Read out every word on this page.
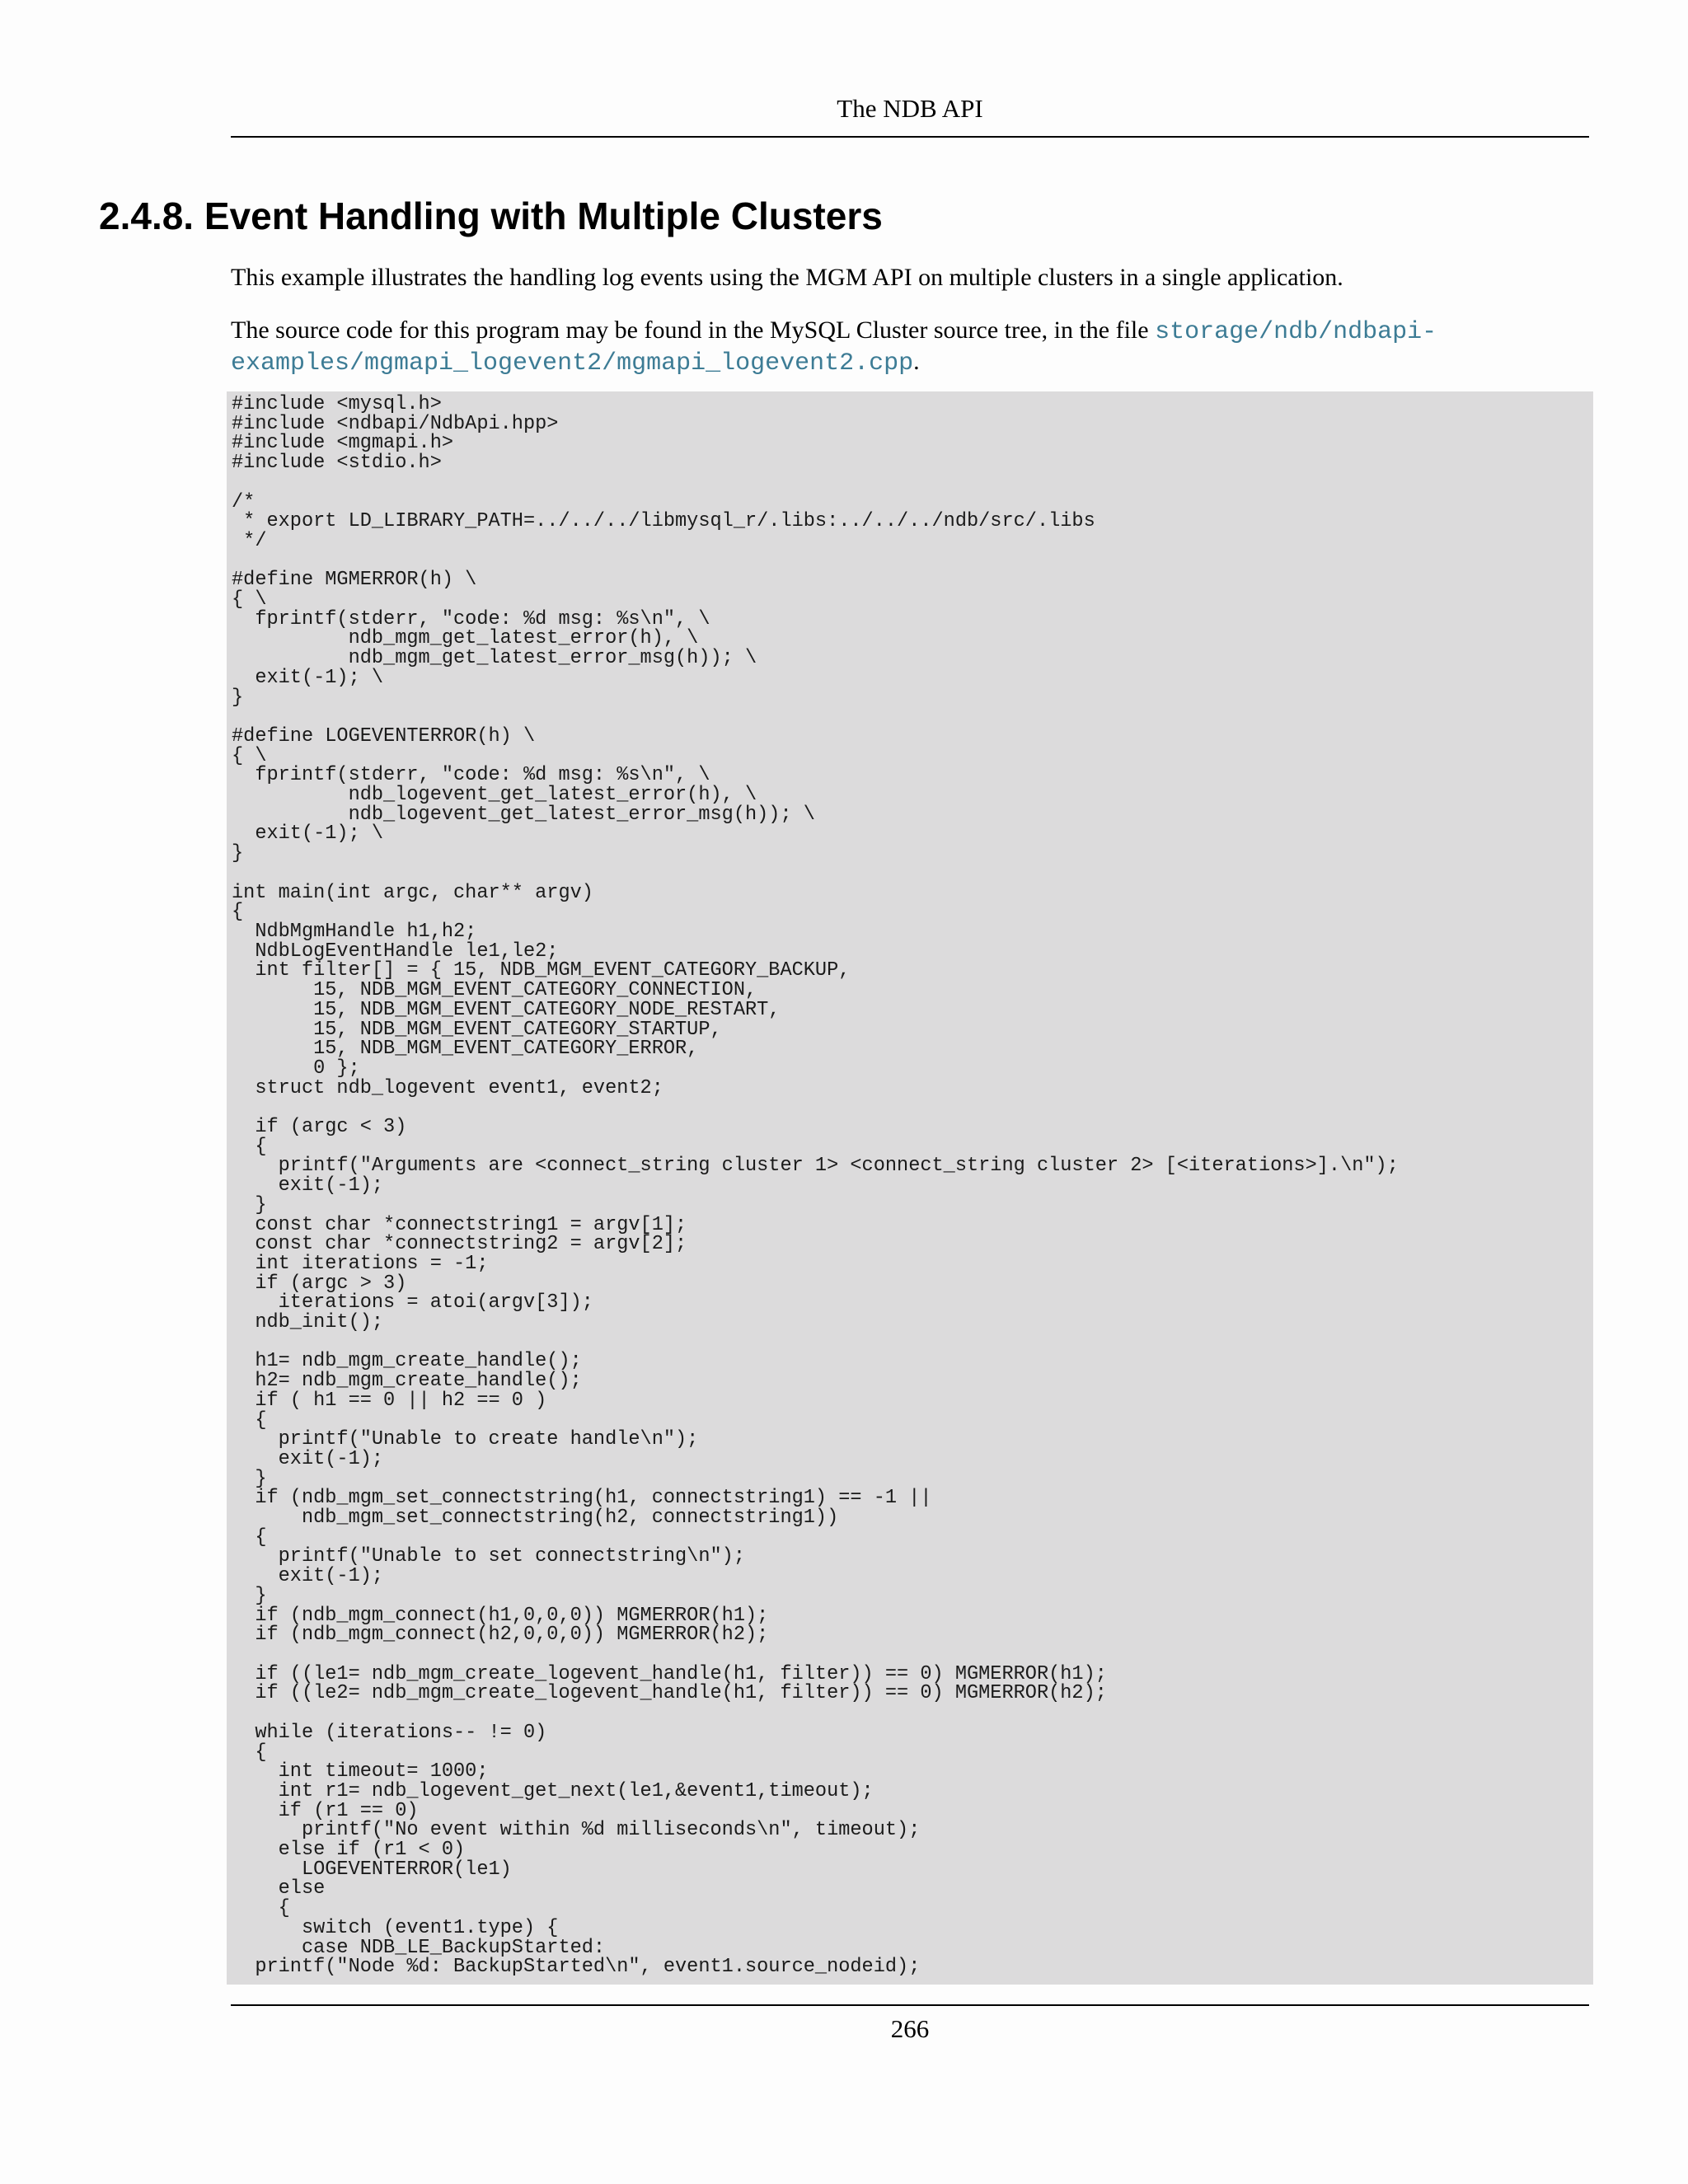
The NDB API
2.4.8. Event Handling with Multiple Clusters

This example illustrates the handling log events using the MGM API on multiple clusters in a single application.

The source code for this program may be found in the MySQL Cluster source tree, in the file storage/ndb/ndbapi-examples/mgmapi_logevent2/mgmapi_logevent2.cpp.

#include <mysql.h>
#include <ndbapi/NdbApi.hpp>
#include <mgmapi.h>
#include <stdio.h>

/*
* export LD_LIBRARY_PATH=../../../libmysql_r/.libs:../../../ndb/src/.libs
*/

#define MGMERROR(h) \
{ \
fprintf(stderr, "code: %d msg: %s\n", \
ndb_mgm_get_latest_error(h), \
ndb_mgm_get_latest_error_msg(h)); \
exit(-1); \
}

#define LOGEVENTERROR(h) \
{ \
fprintf(stderr, "code: %d msg: %s\n", \
ndb_logevent_get_latest_error(h), \
ndb_logevent_get_latest_error_msg(h)); \
exit(-1); \
}

int main(int argc, char** argv)
{
NdbMgmHandle h1,h2;
NdbLogEventHandle le1,le2;
int filter[] = { 15, NDB_MGM_EVENT_CATEGORY_BACKUP,
15, NDB_MGM_EVENT_CATEGORY_CONNECTION,
15, NDB_MGM_EVENT_CATEGORY_NODE_RESTART,
15, NDB_MGM_EVENT_CATEGORY_STARTUP,
15, NDB_MGM_EVENT_CATEGORY_ERROR,
0 };
struct ndb_logevent event1, event2;

if (argc < 3)
{
printf("Arguments are <connect_string cluster 1> <connect_string cluster 2> [<iterations>].\n");
exit(-1);
}
const char *connectstring1 = argv[1];
const char *connectstring2 = argv[2];
int iterations = -1;
if (argc > 3)
iterations = atoi(argv[3]);
ndb_init();

h1= ndb_mgm_create_handle();
h2= ndb_mgm_create_handle();
if ( h1 == 0 || h2 == 0 )
{
printf("Unable to create handle\n");
exit(-1);
}
if (ndb_mgm_set_connectstring(h1, connectstring1) == -1 ||
ndb_mgm_set_connectstring(h2, connectstring1))
{
printf("Unable to set connectstring\n");
exit(-1);
}
if (ndb_mgm_connect(h1,0,0,0)) MGMERROR(h1);
if (ndb_mgm_connect(h2,0,0,0)) MGMERROR(h2);

if ((le1= ndb_mgm_create_logevent_handle(h1, filter)) == 0) MGMERROR(h1);
if ((le2= ndb_mgm_create_logevent_handle(h1, filter)) == 0) MGMERROR(h2);

while (iterations-- != 0)
{
int timeout= 1000;
int r1= ndb_logevent_get_next(le1,&event1,timeout);
if (r1 == 0)
printf("No event within %d milliseconds\n", timeout);
else if (r1 < 0)
LOGEVENTERROR(le1)
else
{
switch (event1.type) {
case NDB_LE_BackupStarted:
printf("Node %d: BackupStarted\n", event1.source_nodeid);
266
